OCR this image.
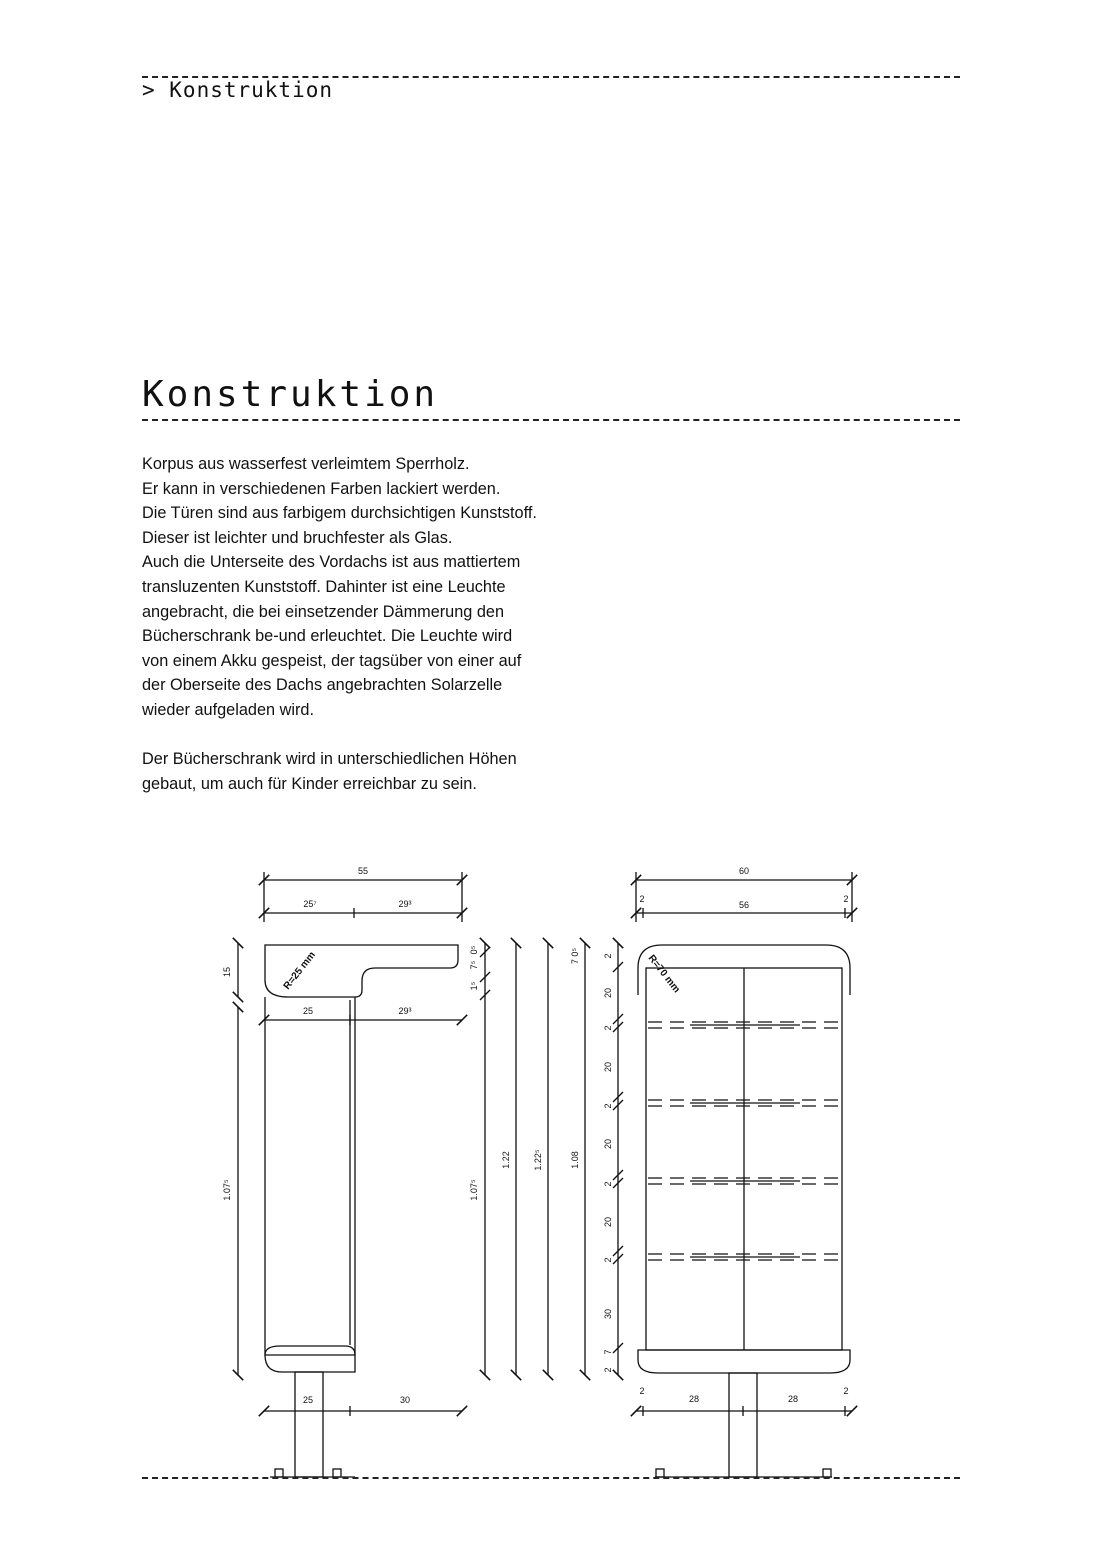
> Konstruktion
Konstruktion

Korpus aus wasserfest verleimtem Sperrholz.
Er kann in verschiedenen Farben lackiert werden.
Die Türen sind aus farbigem durchsichtigen Kunststoff. Dieser ist leichter und bruchfester als Glas.
Auch die Unterseite des Vordachs ist aus mattiertem transluzenten Kunststoff. Dahinter ist eine Leuchte angebracht, die bei einsetzender Dämmerung den Bücherschrank be-und erleuchtet. Die Leuchte wird von einem Akku gespeist, der tagsüber von einer auf der Oberseite des Dachs angebrachten Solarzelle wieder aufgeladen wird.

Der Bücherschrank wird in unterschiedlichen Höhen gebaut, um auch für Kinder erreichbar zu sein.

55
25⁷	29³
R=25 mm
15
25	29³
1.07⁵	1.07⁵
0⁵
7⁵
1⁵
1.22 1.22⁵
25	30
60
2
56
2
R=70 mm
1.08
7 0⁵	2
20
2
20
2
20
2
20
2
30
7
2
2
28	28
2
